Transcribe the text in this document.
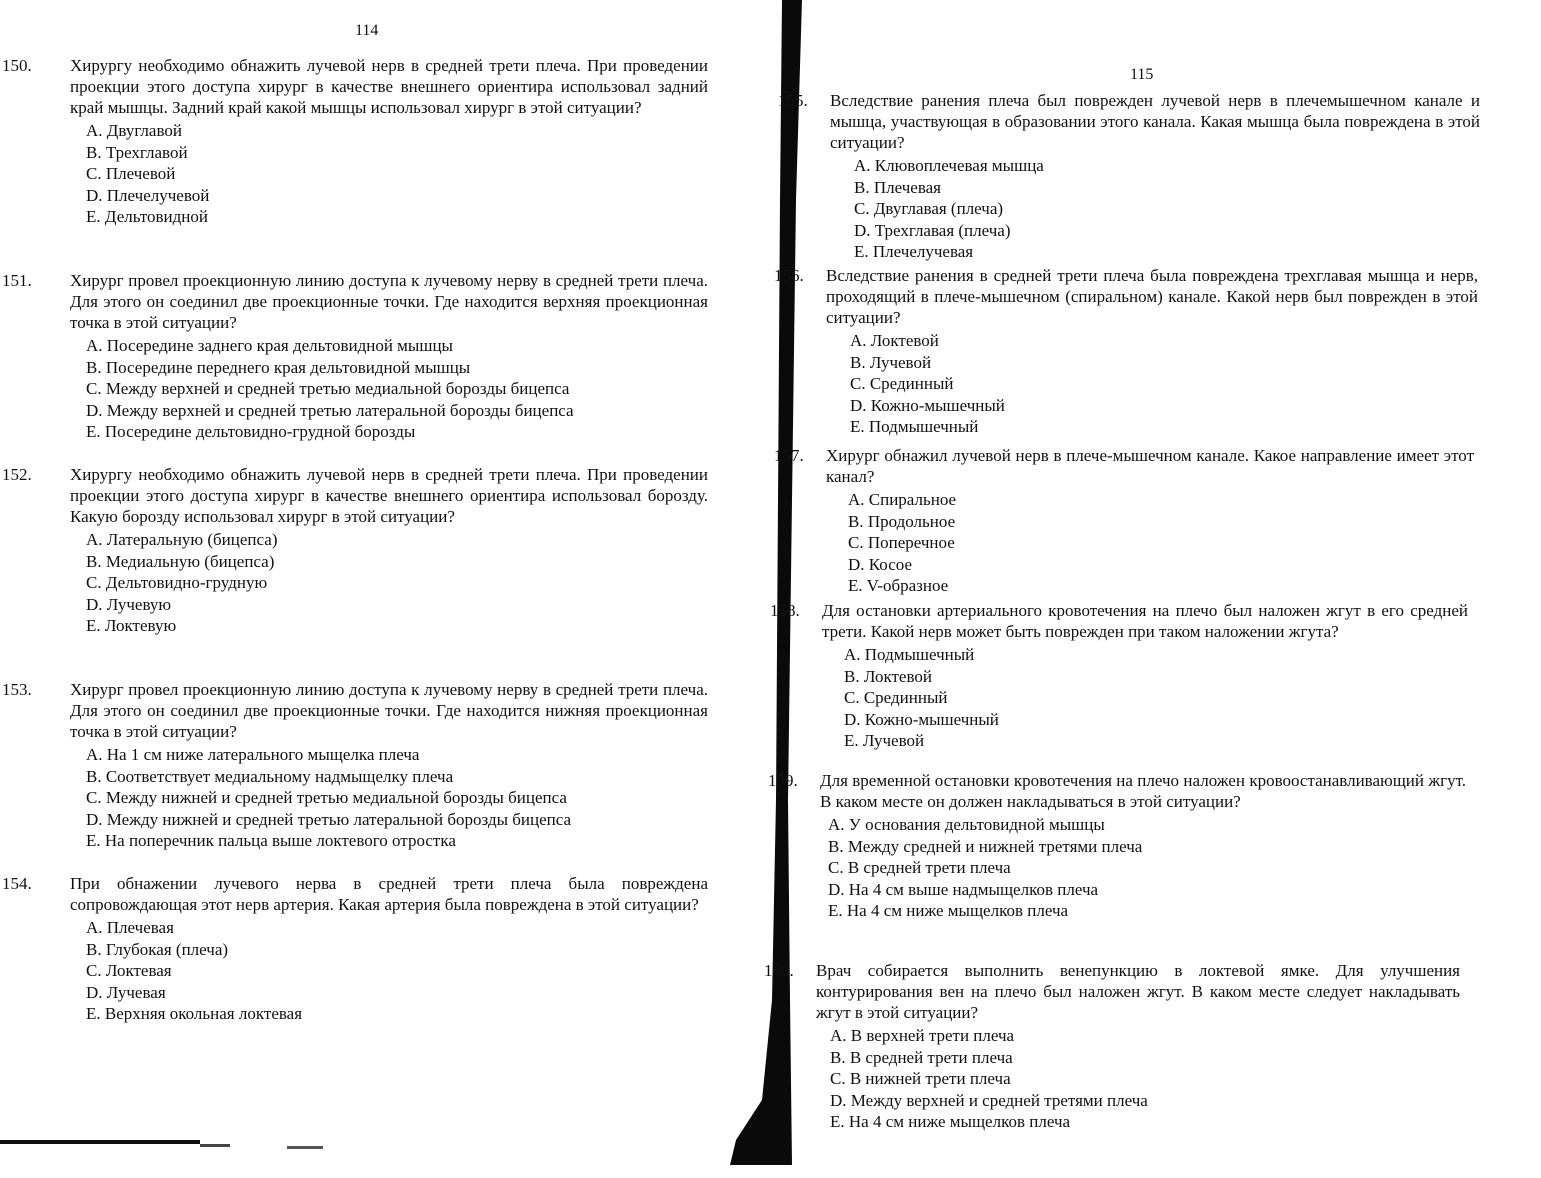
114

150. Хирургу необходимо обнажить лучевой нерв в средней трети плеча. При проведении проекции этого доступа хирург в качестве внешнего ориентира использовал задний край мышцы. Задний край какой мышцы использовал хирург в этой ситуации?

A. Двуглавой
B. Трехглавой
C. Плечевой
D. Плечелучевой
E. Дельтовидной

151. Хирург провел проекционную линию доступа к лучевому нерву в средней трети плеча. Для этого он соединил две проекционные точки. Где находится верхняя проекционная точка в этой ситуации?

A. Посередине заднего края дельтовидной мышцы
B. Посередине переднего края дельтовидной мышцы
C. Между верхней и средней третью медиальной борозды бицепса
D. Между верхней и средней третью латеральной борозды бицепса
E. Посередине дельтовидно-грудной борозды

152. Хирургу необходимо обнажить лучевой нерв в средней трети плеча. При проведении проекции этого доступа хирург в качестве внешнего ориентира использовал борозду. Какую борозду использовал хирург в этой ситуации?

A. Латеральную (бицепса)
B. Медиальную (бицепса)
C. Дельтовидно-грудную
D. Лучевую
E. Локтевую

153. Хирург провел проекционную линию доступа к лучевому нерву в средней трети плеча. Для этого он соединил две проекционные точки. Где находится нижняя проекционная точка в этой ситуации?

A. На 1 см ниже латерального мыщелка плеча
B. Соответствует медиальному надмыщелку плеча
C. Между нижней и средней третью медиальной борозды бицепса
D. Между нижней и средней третью латеральной борозды бицепса
E. На поперечник пальца выше локтевого отростка

154. При обнажении лучевого нерва в средней трети плеча была повреждена сопровождающая этот нерв артерия. Какая артерия была повреждена в этой ситуации?

A. Плечевая
B. Глубокая (плеча)
C. Локтевая
D. Лучевая
E. Верхняя окольная локтевая
115

155. Вследствие ранения плеча был поврежден лучевой нерв в плечемышечном канале и мышца, участвующая в образовании этого канала. Какая мышца была повреждена в этой ситуации?

A. Клювоплечевая мышца
B. Плечевая
C. Двуглавая (плеча)
D. Трехглавая (плеча)
E. Плечелучевая

156. Вследствие ранения в средней трети плеча была повреждена трехглавая мышца и нерв, проходящий в плече-мышечном (спиральном) канале. Какой нерв был поврежден в этой ситуации?

A. Локтевой
B. Лучевой
C. Срединный
D. Кожно-мышечный
E. Подмышечный

157. Хирург обнажил лучевой нерв в плече-мышечном канале. Какое направление имеет этот канал?

A. Спиральное
B. Продольное
C. Поперечное
D. Косое
E. V-образное

158. Для остановки артериального кровотечения на плечо был наложен жгут в его средней трети. Какой нерв может быть поврежден при таком наложении жгута?

A. Подмышечный
B. Локтевой
C. Срединный
D. Кожно-мышечный
E. Лучевой

159. Для временной остановки кровотечения на плечо наложен кровоостанавливающий жгут. В каком месте он должен накладываться в этой ситуации?

A. У основания дельтовидной мышцы
B. Между средней и нижней третями плеча
C. В средней трети плеча
D. На 4 см выше надмыщелков плеча
E. На 4 см ниже мыщелков плеча

160. Врач собирается выполнить венепункцию в локтевой ямке. Для улучшения контурирования вен на плечо был наложен жгут. В каком месте следует накладывать жгут в этой ситуации?

A. В верхней трети плеча
B. В средней трети плеча
C. В нижней трети плеча
D. Между верхней и средней третями плеча
E. На 4 см ниже мыщелков плеча
